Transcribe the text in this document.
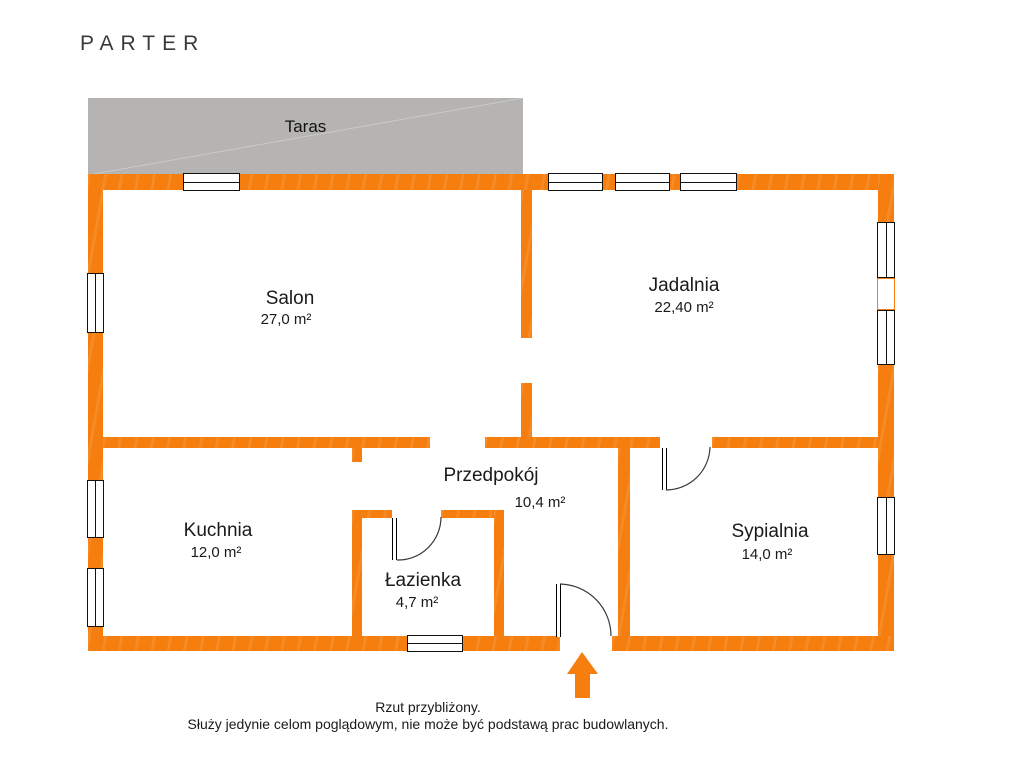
PARTER
Taras
Salon
27,0 m²
Jadalnia
22,40 m²
Kuchnia
12,0 m²
Przedpokój
10,4 m²
Łazienka
4,7 m²
Sypialnia
14,0 m²
Rzut przybliżony.
Służy jedynie celom poglądowym, nie może być podstawą prac budowlanych.
